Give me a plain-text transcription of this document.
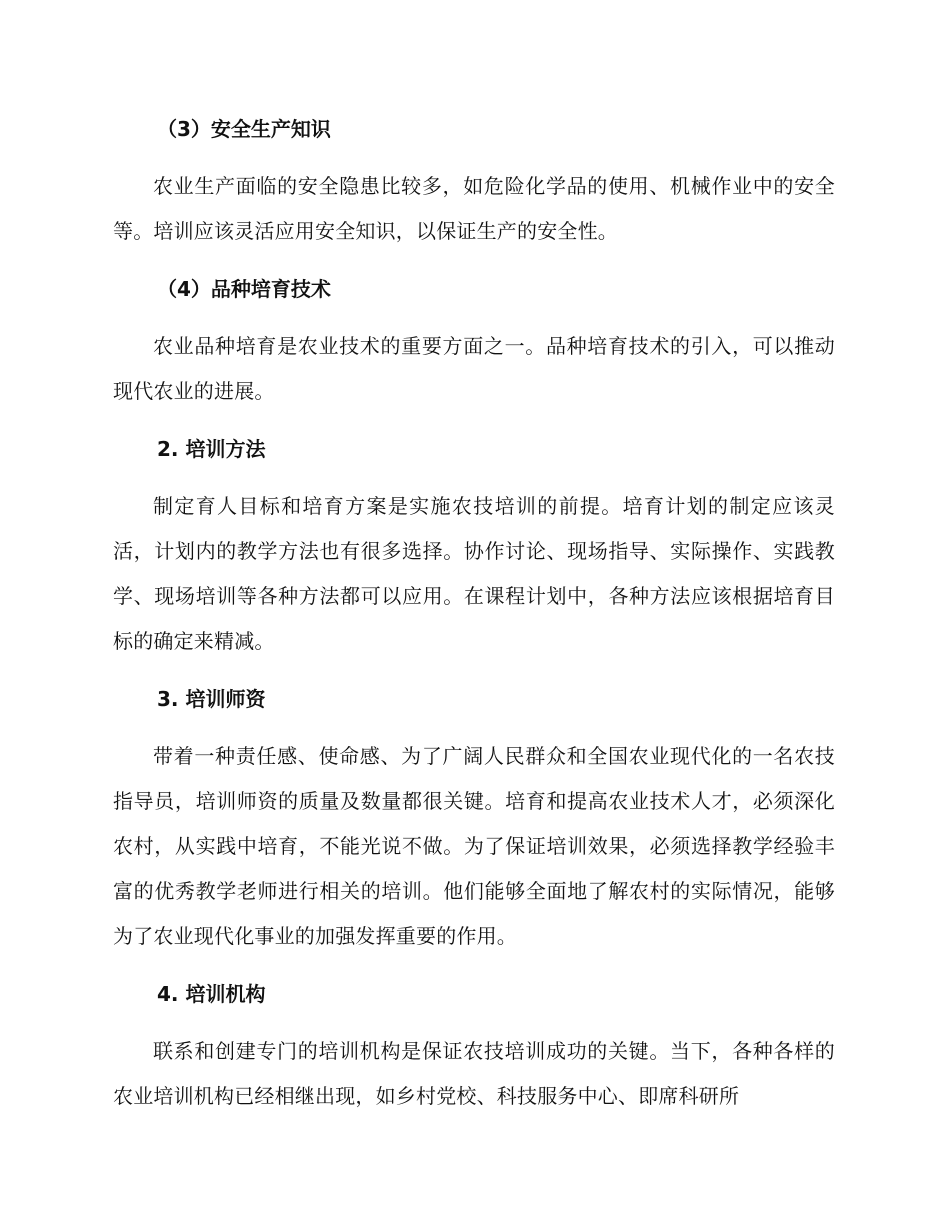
（3）安全生产知识

农业生产面临的安全隐患比较多，如危险化学品的使用、机械作业中的安全等。培训应该灵活应用安全知识，以保证生产的安全性。

（4）品种培育技术

农业品种培育是农业技术的重要方面之一。品种培育技术的引入，可以推动现代农业的进展。

2. 培训方法

制定育人目标和培育方案是实施农技培训的前提。培育计划的制定应该灵活，计划内的教学方法也有很多选择。协作讨论、现场指导、实际操作、实践教学、现场培训等各种方法都可以应用。在课程计划中，各种方法应该根据培育目标的确定来精减。

3. 培训师资

带着一种责任感、使命感、为了广阔人民群众和全国农业现代化的一名农技指导员，培训师资的质量及数量都很关键。培育和提高农业技术人才，必须深化农村，从实践中培育，不能光说不做。为了保证培训效果，必须选择教学经验丰富的优秀教学老师进行相关的培训。他们能够全面地了解农村的实际情况，能够为了农业现代化事业的加强发挥重要的作用。

4. 培训机构

联系和创建专门的培训机构是保证农技培训成功的关键。当下，各种各样的农业培训机构已经相继出现，如乡村党校、科技服务中心、即席科研所
